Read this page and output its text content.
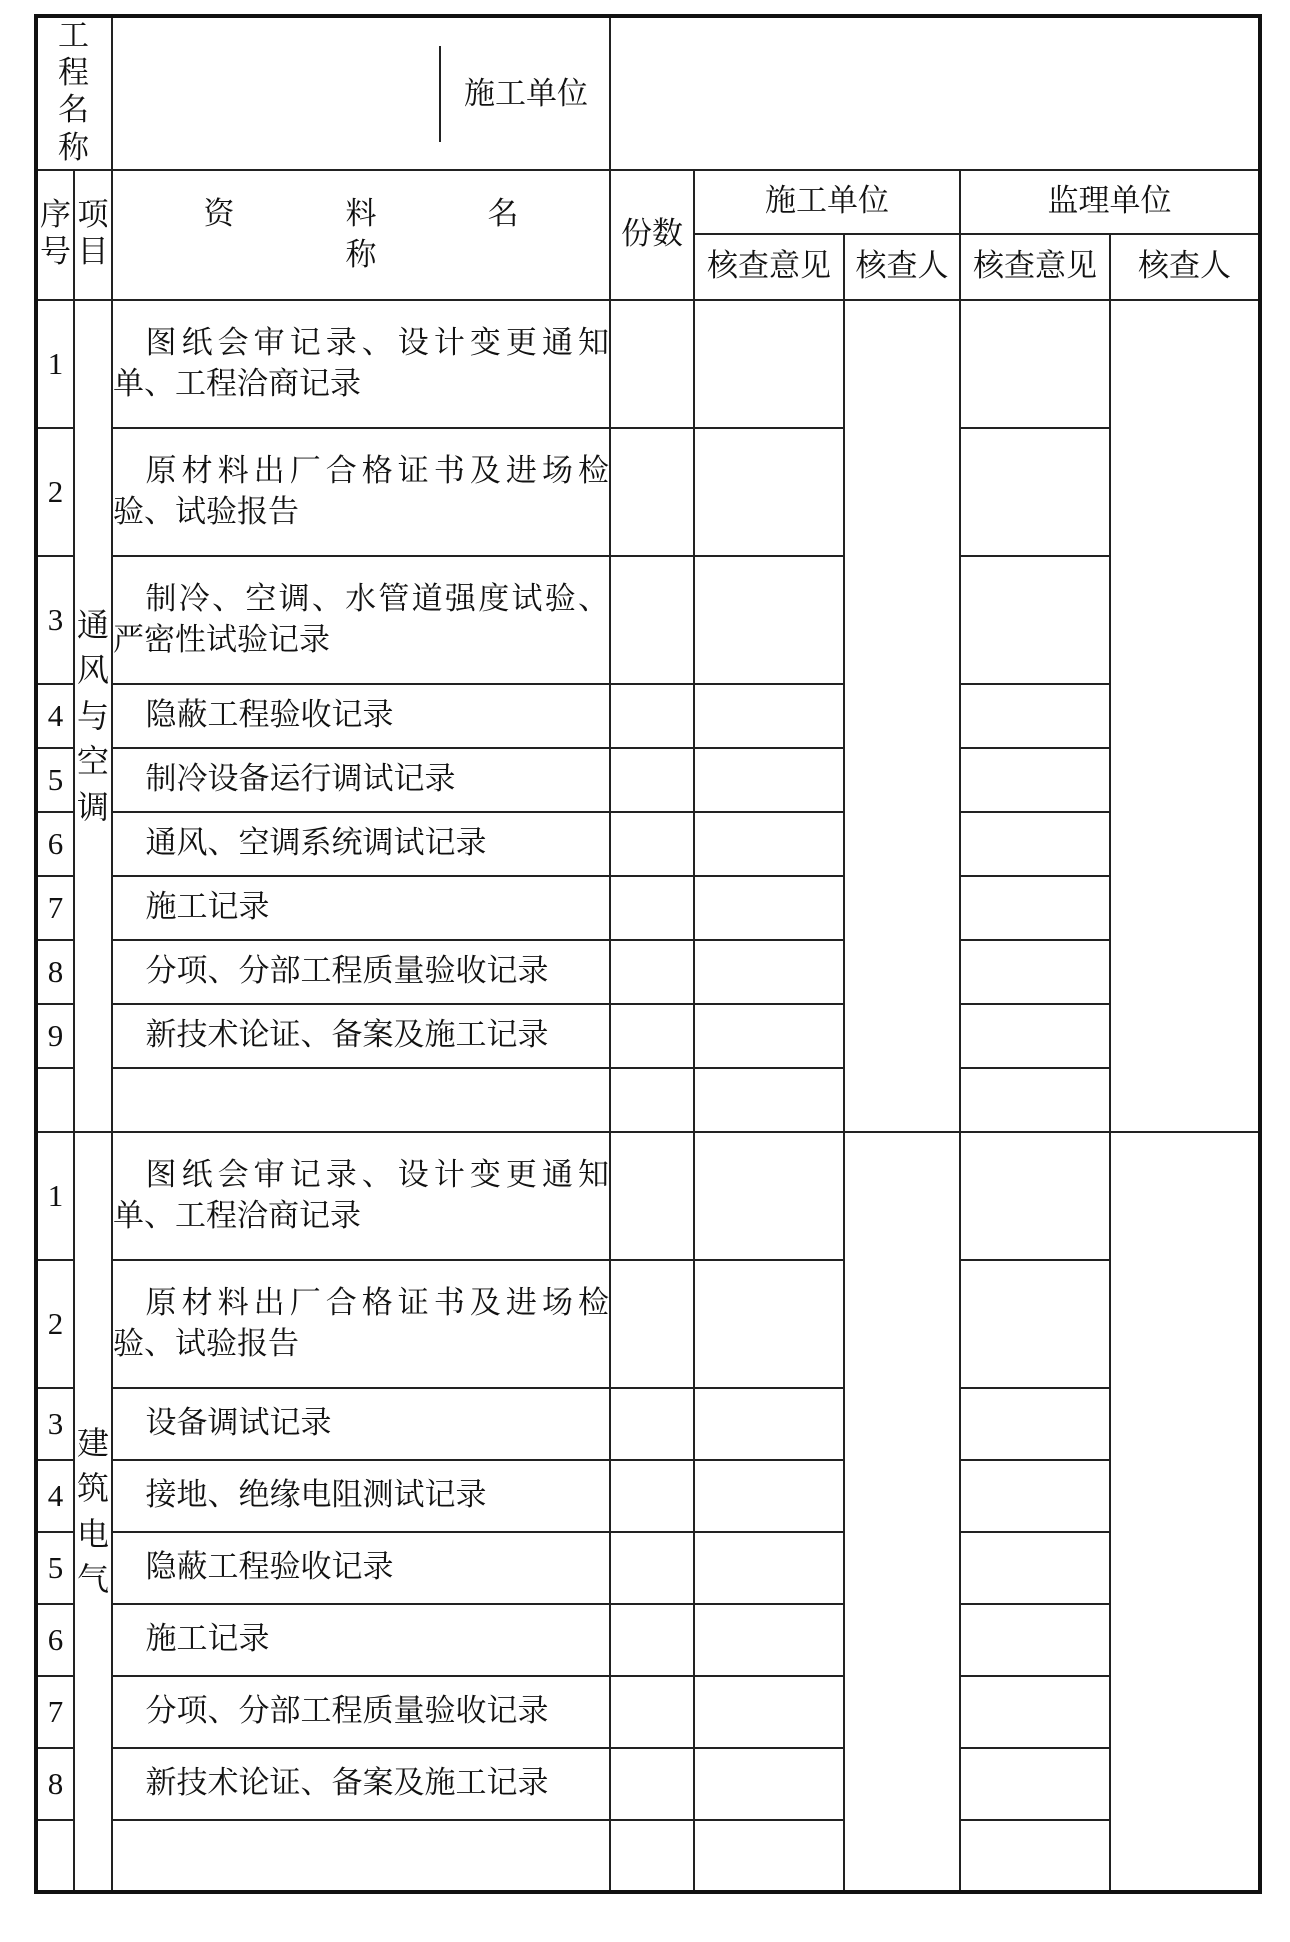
工程名称		施工单位					

序号	项目	资　料　名　称	份数	施工单位		监理单位	
				核查意见	核查人	核查意见	核查人
1	通风与空调	图纸会审记录、设计变更通知单、工程洽商记录					

2		原材料出厂合格证书及进场检验、试验报告					

3		制冷、空调、水管道强度试验、严密性试验记录					

4		隐蔽工程验收记录					

5		制冷设备运行调试记录					

6		通风、空调系统调试记录					

7		施工记录					

8		分项、分部工程质量验收记录					

9		新技术论证、备案及施工记录					

1	建筑电气	图纸会审记录、设计变更通知单、工程洽商记录					

2		原材料出厂合格证书及进场检验、试验报告					

3		设备调试记录					

4		接地、绝缘电阻测试记录					

5		隐蔽工程验收记录					

6		施工记录					

7		分项、分部工程质量验收记录					

8		新技术论证、备案及施工记录					
